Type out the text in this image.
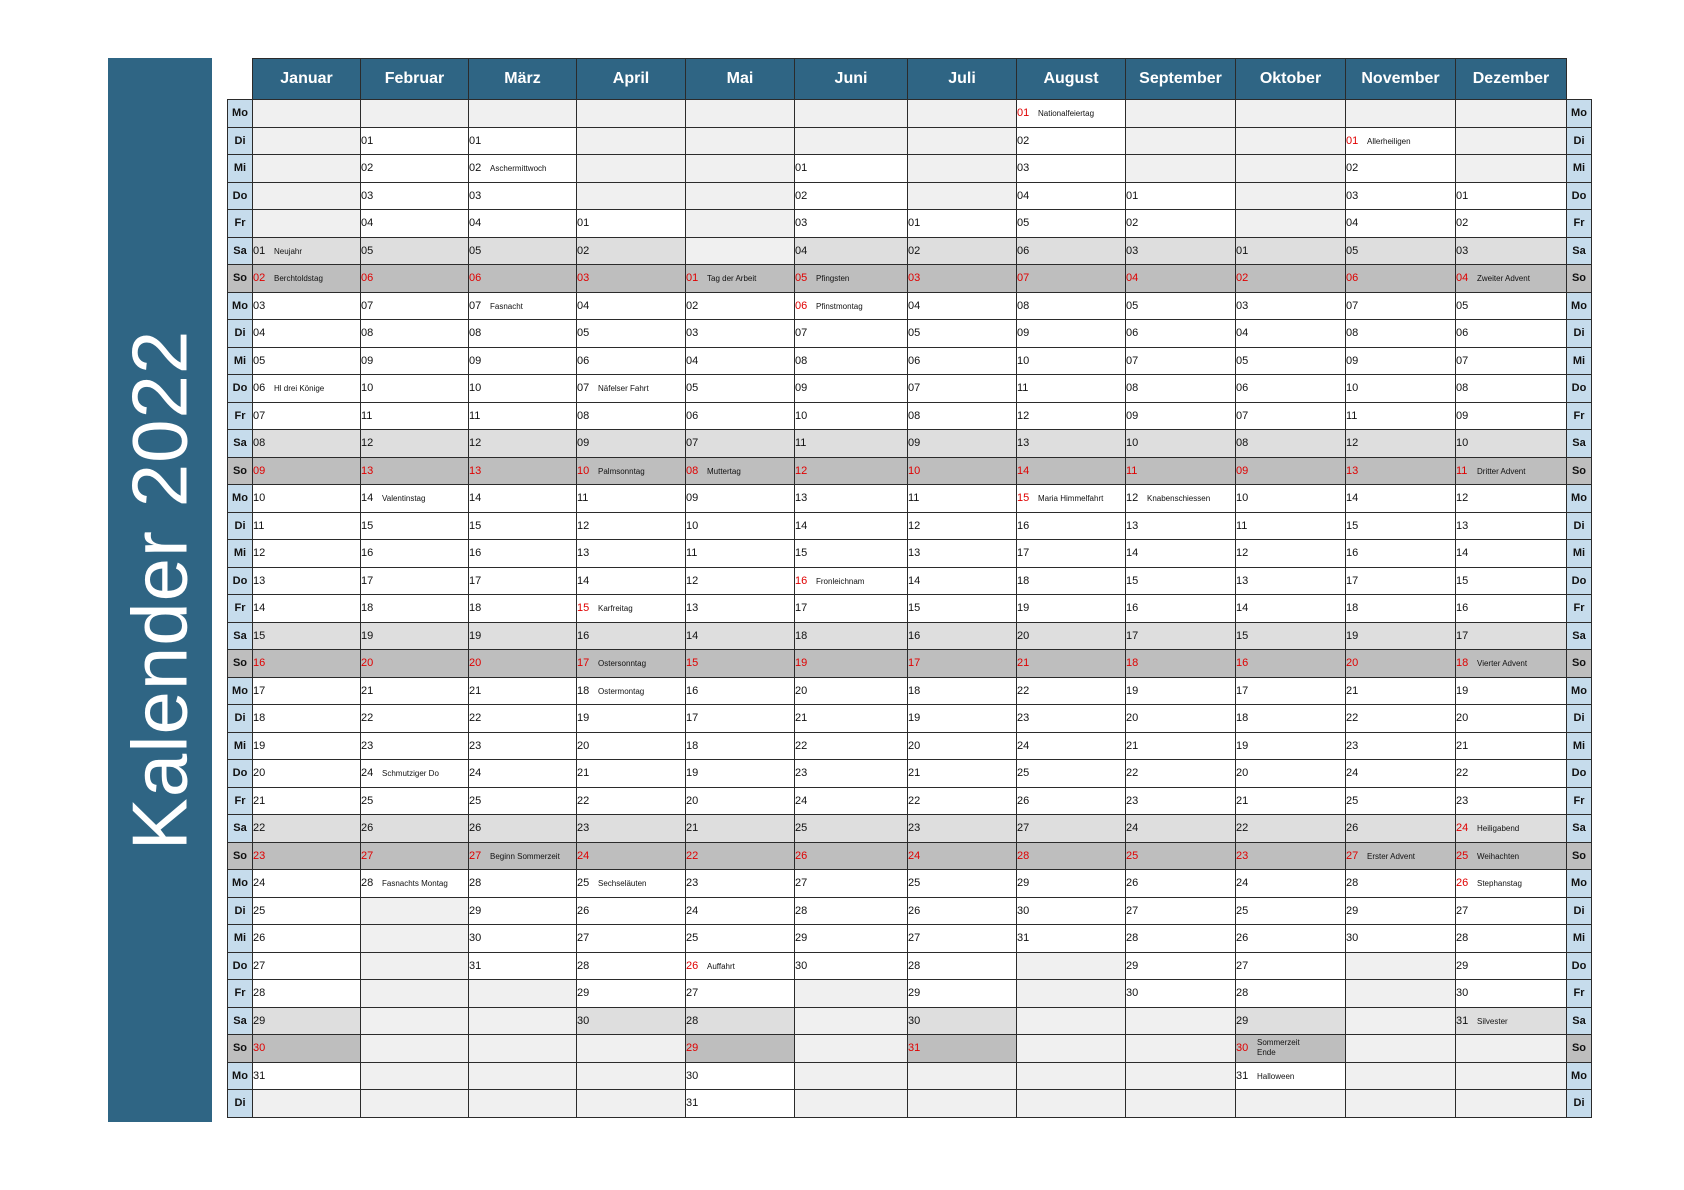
Kalender 2022
	Januar	Februar	März	April	Mai	Juni	Juli	August	September	Oktober	November	Dezember	
Mo								01 Nationalfeiertag					Mo
Di		01	01					02			01 Allerheiligen		Di
Mi		02	02 Aschermittwoch			01		03			02		Mi
Do		03	03			02		04	01		03	01	Do
Fr		04	04	01		03	01	05	02		04	02	Fr
Sa	01 Neujahr	05	05	02		04	02	06	03	01	05	03	Sa
So	02 Berchtoldstag	06	06	03	01 Tag der Arbeit	05 Pfingsten	03	07	04	02	06	04 Zweiter Advent	So
Mo	03	07	07 Fasnacht	04	02	06 Pfinstmontag	04	08	05	03	07	05	Mo
Di	04	08	08	05	03	07	05	09	06	04	08	06	Di
Mi	05	09	09	06	04	08	06	10	07	05	09	07	Mi
Do	06 Hl drei Könige	10	10	07 Näfelser Fahrt	05	09	07	11	08	06	10	08	Do
Fr	07	11	11	08	06	10	08	12	09	07	11	09	Fr
Sa	08	12	12	09	07	11	09	13	10	08	12	10	Sa
So	09	13	13	10 Palmsonntag	08 Muttertag	12	10	14	11	09	13	11 Dritter Advent	So
Mo	10	14 Valentinstag	14	11	09	13	11	15 Maria Himmelfahrt	12 Knabenschiessen	10	14	12	Mo
Di	11	15	15	12	10	14	12	16	13	11	15	13	Di
Mi	12	16	16	13	11	15	13	17	14	12	16	14	Mi
Do	13	17	17	14	12	16 Fronleichnam	14	18	15	13	17	15	Do
Fr	14	18	18	15 Karfreitag	13	17	15	19	16	14	18	16	Fr
Sa	15	19	19	16	14	18	16	20	17	15	19	17	Sa
So	16	20	20	17 Ostersonntag	15	19	17	21	18	16	20	18 Vierter Advent	So
Mo	17	21	21	18 Ostermontag	16	20	18	22	19	17	21	19	Mo
Di	18	22	22	19	17	21	19	23	20	18	22	20	Di
Mi	19	23	23	20	18	22	20	24	21	19	23	21	Mi
Do	20	24 Schmutziger Do	24	21	19	23	21	25	22	20	24	22	Do
Fr	21	25	25	22	20	24	22	26	23	21	25	23	Fr
Sa	22	26	26	23	21	25	23	27	24	22	26	24 Heiligabend	Sa
So	23	27	27 Beginn Sommerzeit	24	22	26	24	28	25	23	27 Erster Advent	25 Weihachten	So
Mo	24	28 Fasnachts Montag	28	25 Sechseläuten	23	27	25	29	26	24	28	26 Stephanstag	Mo
Di	25		29	26	24	28	26	30	27	25	29	27	Di
Mi	26		30	27	25	29	27	31	28	26	30	28	Mi
Do	27		31	28	26 Auffahrt	30	28		29	27		29	Do
Fr	28			29	27		29		30	28		30	Fr
Sa	29			30	28		30			29		31 Silvester	Sa
So	30				29		31			30 Sommerzeit Ende			So
Mo	31				30					31 Halloween			Mo
Di					31								Di
